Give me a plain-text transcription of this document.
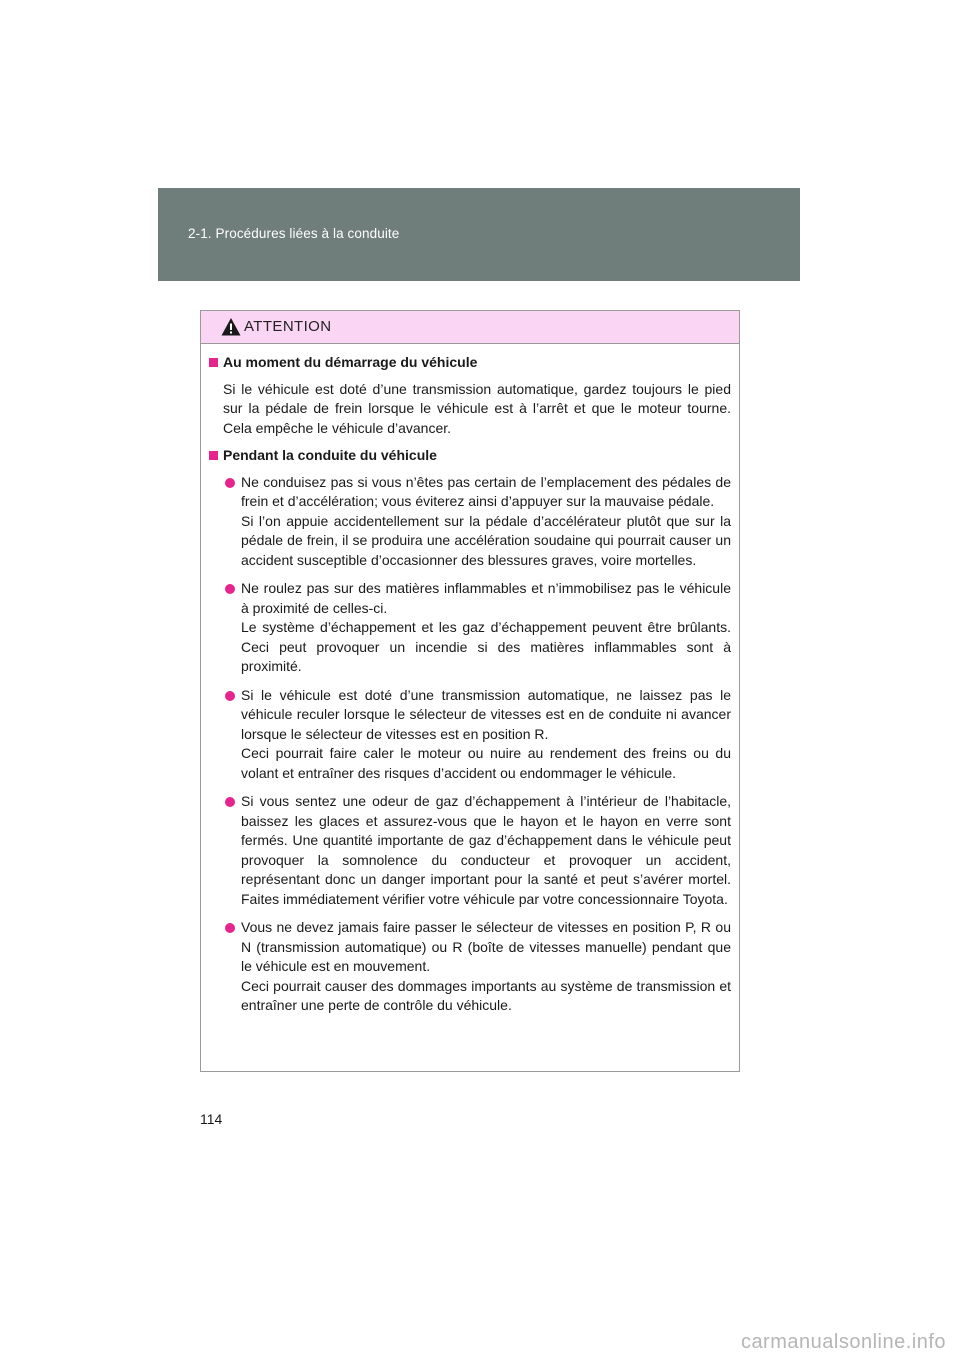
2-1. Procédures liées à la conduite
ATTENTION
Au moment du démarrage du véhicule
Si le véhicule est doté d’une transmission automatique, gardez toujours le pied sur la pédale de frein lorsque le véhicule est à l’arrêt et que le moteur tourne. Cela empêche le véhicule d’avancer.
Pendant la conduite du véhicule
Ne conduisez pas si vous n’êtes pas certain de l’emplacement des pédales de frein et d’accélération; vous éviterez ainsi d’appuyer sur la mauvaise pédale.
Si l’on appuie accidentellement sur la pédale d’accélérateur plutôt que sur la pédale de frein, il se produira une accélération soudaine qui pourrait causer un accident susceptible d’occasionner des blessures graves, voire mortelles.
Ne roulez pas sur des matières inflammables et n’immobilisez pas le véhicule à proximité de celles-ci.
Le système d’échappement et les gaz d’échappement peuvent être brûlants. Ceci peut provoquer un incendie si des matières inflammables sont à proximité.
Si le véhicule est doté d’une transmission automatique, ne laissez pas le véhicule reculer lorsque le sélecteur de vitesses est en de conduite ni avancer lorsque le sélecteur de vitesses est en position R.
Ceci pourrait faire caler le moteur ou nuire au rendement des freins ou du volant et entraîner des risques d’accident ou endommager le véhicule.
Si vous sentez une odeur de gaz d’échappement à l’intérieur de l’habitacle, baissez les glaces et assurez-vous que le hayon et le hayon en verre sont fermés. Une quantité importante de gaz d’échappement dans le véhicule peut provoquer la somnolence du conducteur et provoquer un accident, représentant donc un danger important pour la santé et peut s’avérer mortel. Faites immédiatement vérifier votre véhicule par votre concessionnaire Toyota.
Vous ne devez jamais faire passer le sélecteur de vitesses en position P, R ou N (transmission automatique) ou R (boîte de vitesses manuelle) pendant que le véhicule est en mouvement.
Ceci pourrait causer des dommages importants au système de transmission et entraîner une perte de contrôle du véhicule.
114
carmanualsonline.info
